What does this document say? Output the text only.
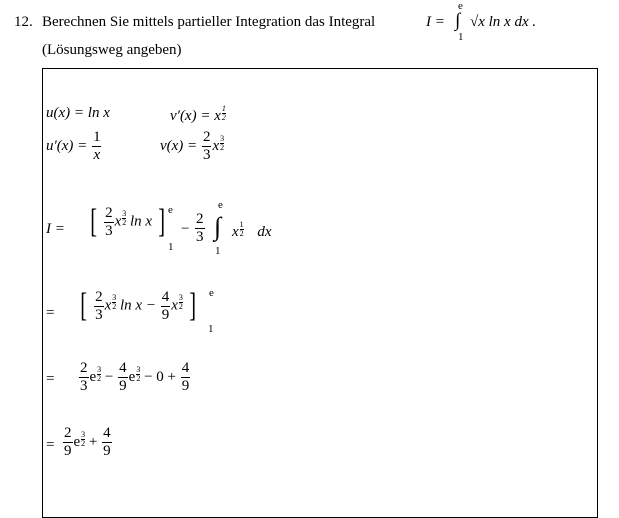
12. Berechnen Sie mittels partieller Integration das Integral	I =
e
∫
1
√x ln x dx .
(Lösungsweg angeben)
u(x) = ln x	v′(x) = x $\frac{1}{2}$
$u'(x) = \frac{1}{x}$	$v(x) = \frac{2}{3}$ x $\frac{3}{2}$
I = [ $\frac{2}{3}$ x $\frac{3}{2}$ ln x ] e
1
− $\frac{2}{3}$
e
∫
1
x $\frac{1}{2}$ dx
= [ $\frac{2}{3}$ x $\frac{3}{2}$ $\ln x - \frac{4}{9}$ x $\frac{3}{2}$ ] e
1
= $\frac{2}{3}$ e $\frac{3}{2} - \frac{4}{9}$ e $\frac{3}{2} - 0 + \frac{4}{9}$
= $\frac{2}{9}$ e $\frac{3}{2} + \frac{4}{9}$
